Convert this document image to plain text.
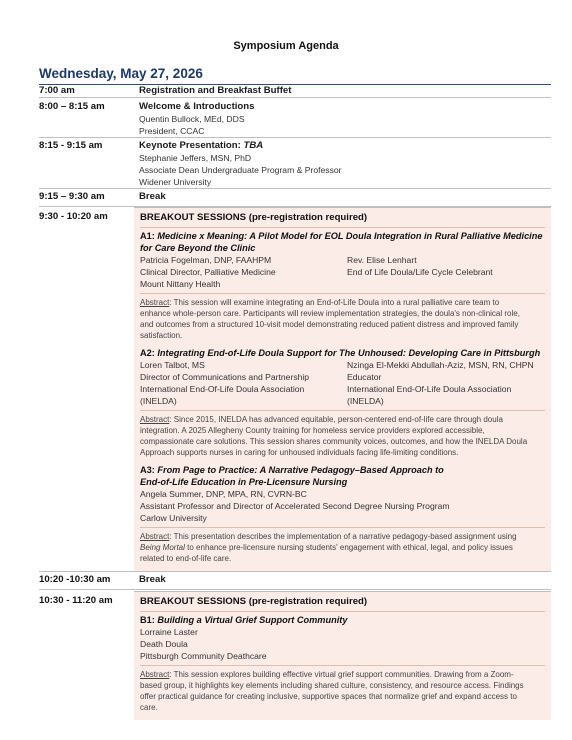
Symposium Agenda
Wednesday, May 27, 2026
7:00 am	Registration and Breakfast Buffet
8:00 – 8:15 am	Welcome & Introductions
Quentin Bullock, MEd, DDS
President, CCAC
8:15 - 9:15 am	Keynote Presentation: TBA
Stephanie Jeffers, MSN, PhD
Associate Dean Undergraduate Program & Professor
Widener University
9:15 – 9:30 am	Break
9:30 - 10:20 am	BREAKOUT SESSIONS (pre-registration required)
A1: Medicine x Meaning: A Pilot Model for EOL Doula Integration in Rural Palliative Medicine
for Care Beyond the Clinic
Patricia Fogelman, DNP, FAAHPM
Clinical Director, Palliative Medicine
Mount Nittany Health
Rev. Elise Lenhart
End of Life Doula/Life Cycle Celebrant
Abstract: This session will examine integrating an End-of-Life Doula into a rural palliative care team to
enhance whole-person care. Participants will review implementation strategies, the doula's non-clinical role,
and outcomes from a structured 10-visit model demonstrating reduced patient distress and improved family
satisfaction.
A2: Integrating End-of-Life Doula Support for The Unhoused: Developing Care in Pittsburgh
Loren Talbot, MS
Director of Communications and Partnership
International End-Of-Life Doula Association
(INELDA)
Nzinga El-Mekki Abdullah-Aziz, MSN, RN, CHPN
Educator
International End-Of-Life Doula Association
(INELDA)
Abstract: Since 2015, INELDA has advanced equitable, person-centered end-of-life care through doula
integration. A 2025 Allegheny County training for homeless service providers explored accessible,
compassionate care solutions. This session shares community voices, outcomes, and how the INELDA Doula
Approach supports nurses in caring for unhoused individuals facing life-limiting conditions.
A3: From Page to Practice: A Narrative Pedagogy–Based Approach to
End-of-Life Education in Pre-Licensure Nursing
Angela Summer, DNP, MPA, RN, CVRN-BC
Assistant Professor and Director of Accelerated Second Degree Nursing Program
Carlow University
Abstract: This presentation describes the implementation of a narrative pedagogy-based assignment using
Being Mortal to enhance pre-licensure nursing students' engagement with ethical, legal, and policy issues
related to end-of-life care.
10:20 -10:30 am	Break
10:30 - 11:20 am	BREAKOUT SESSIONS (pre-registration required)
B1: Building a Virtual Grief Support Community
Lorraine Laster
Death Doula
Pittsburgh Community Deathcare
Abstract: This session explores building effective virtual grief support communities. Drawing from a Zoom-
based group, it highlights key elements including shared culture, consistency, and resource access. Findings
offer practical guidance for creating inclusive, supportive spaces that normalize grief and expand access to
care.
